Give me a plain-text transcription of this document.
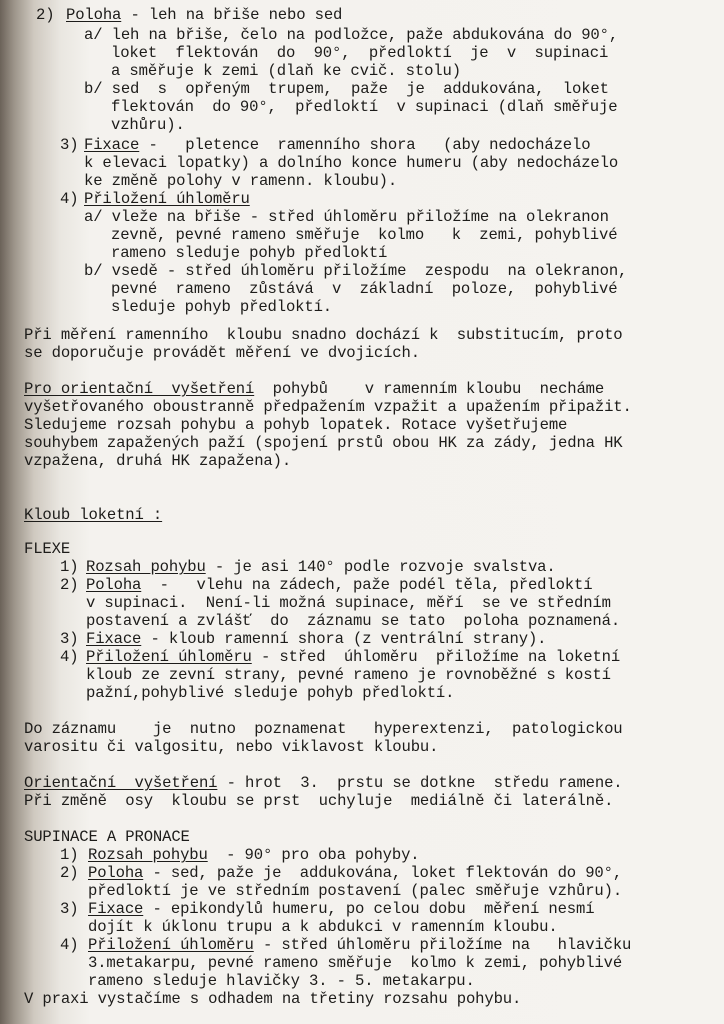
2) Poloha - leh na břiše nebo sed
a/ leh na břiše, čelo na podložce, paže abdukována do 90°,
loket  flektován  do  90°,  předloktí  je  v  supinaci
a směřuje k zemi (dlaň ke cvič. stolu)
b/ sed  s  opřeným  trupem,  paže  je  addukována,  loket
flektován  do 90°,  předloktí  v supinaci (dlaň směřuje
vzhůru).
3) Fixace -   pletence  ramenního shora   (aby nedocházelo
k elevaci lopatky) a dolního konce humeru (aby nedocházelo
ke změně polohy v ramenn. kloubu).
4) Přiložení úhloměru
a/ vleže na břiše - střed úhloměru přiložíme na olekranon
zevně, pevné rameno směřuje  kolmo   k  zemi, pohyblivé
rameno sleduje pohyb předloktí
b/ vsedě - střed úhloměru přiložíme  zespodu  na olekranon,
pevné  rameno  zůstává  v  základní  poloze,  pohyblivé
sleduje pohyb předloktí.
Při měření ramenního  kloubu snadno dochází k  substitucím, proto
se doporučuje provádět měření ve dvojicích.
Pro orientační  vyšetření  pohybů    v ramenním kloubu  necháme
vyšetřovaného oboustranně předpažením vzpažit a upažením připažit.
Sledujeme rozsah pohybu a pohyb lopatek. Rotace vyšetřujeme
souhybem zapažených paží (spojení prstů obou HK za zády, jedna HK
vzpažena, druhá HK zapažena).
Kloub loketní :
FLEXE
1) Rozsah pohybu - je asi 140° podle rozvoje svalstva.
2) Poloha  -   vlehu na zádech, paže podél těla, předloktí
v supinaci.  Není-li možná supinace, měří  se ve středním
postavení a zvlášť  do  záznamu se tato  poloha poznamená.
3) Fixace - kloub ramenní shora (z ventrální strany).
4) Přiložení úhloměru - střed  úhloměru  přiložíme na loketní
kloub ze zevní strany, pevné rameno je rovnoběžné s kostí
pažní,pohyblivé sleduje pohyb předloktí.
Do záznamu    je  nutno  poznamenat   hyperextenzi,  patologickou
varositu či valgositu, nebo viklavost kloubu.
Orientační  vyšetření - hrot  3.  prstu se dotkne  středu ramene.
Při změně  osy  kloubu se prst  uchyluje  mediálně či laterálně.
SUPINACE A PRONACE
1) Rozsah pohybu  - 90° pro oba pohyby.
2) Poloha - sed, paže je  addukována, loket flektován do 90°,
předloktí je ve středním postavení (palec směřuje vzhůru).
3) Fixace - epikondylů humeru, po celou dobu  měření nesmí
dojít k úklonu trupu a k abdukci v ramenním kloubu.
4) Přiložení úhloměru - střed úhloměru přiložíme na   hlavičku
3.metakarpu, pevné rameno směřuje  kolmo k zemi, pohyblivé
rameno sleduje hlavičky 3. - 5. metakarpu.
V praxi vystačíme s odhadem na třetiny rozsahu pohybu.
